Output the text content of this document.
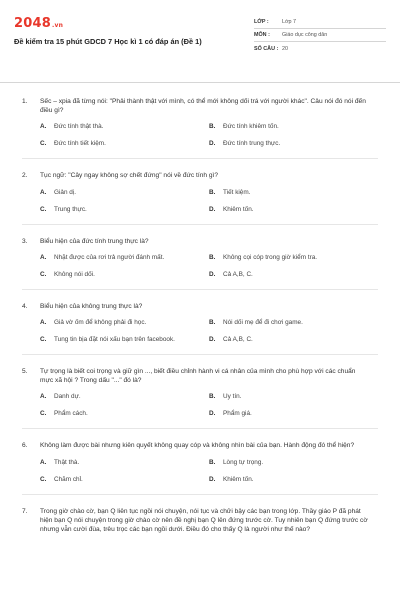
2048.vn
Đề kiểm tra 15 phút GDCD 7 Học kì 1 có đáp án (Đề 1)
LỚP :	Lớp 7
MÔN :	Giáo dục công dân
SỐ CÂU : 20
1.	Sếc – xpia đã từng nói: "Phải thành thật với mình, có thể mới không dối trá với người khác". Câu nói đó nói đến điều gì?
A.	Đức tính thật thà.	B.	Đức tính khiêm tốn.
C.	Đức tính tiết kiệm.	D.	Đức tính trung thực.
2.	Tục ngữ: "Cây ngay không sợ chết đứng" nói về đức tính gì?
A.	Giản dị.	B.	Tiết kiệm.
C.	Trung thực.	D.	Khiêm tốn.
3.	Biểu hiện của đức tính trung thực là?
A.	Nhặt được của rơi trả người đánh mất.	B.	Không cọi cóp trong giờ kiểm tra.
C.	Không nói dối.	D.	Cả A,B, C.
4.	Biểu hiện của không trung thực là?
A.	Giả vờ ốm để không phải đi học.	B.	Nói dối mẹ để đi chơi game.
C.	Tung tin bịa đặt nói xấu bạn trên facebook.	D.	Cả A,B, C.
5.	Tự trọng là biết coi trọng và giữ gìn ..., biết điều chỉnh hành vi cá nhân của mình cho phù hợp với các chuẩn mực xã hội ? Trong dấu "..." đó là?
A.	Danh dự.	B.	Uy tín.
C.	Phẩm cách.	D.	Phẩm giá.
6.	Không làm được bài nhưng kiên quyết không quay cóp và không nhìn bài của bạn. Hành động đó thể hiện?
A.	Thật thà.	B.	Lòng tự trọng.
C.	Chăm chỉ.	D.	Khiêm tốn.
7.	Trong giờ chào cờ, bạn Q liên tục ngồi nói chuyện, nói tục và chửi bậy các bạn trong lớp. Thầy giáo P đã phát hiện bạn Q nói chuyện trong giờ chào cờ nên đề nghị bạn Q lên đứng trước cờ. Tuy nhiên bạn Q đứng trước cờ nhưng vẫn cười đùa, trêu trọc các bạn ngồi dưới. Điều đó cho thấy Q là người như thế nào?
